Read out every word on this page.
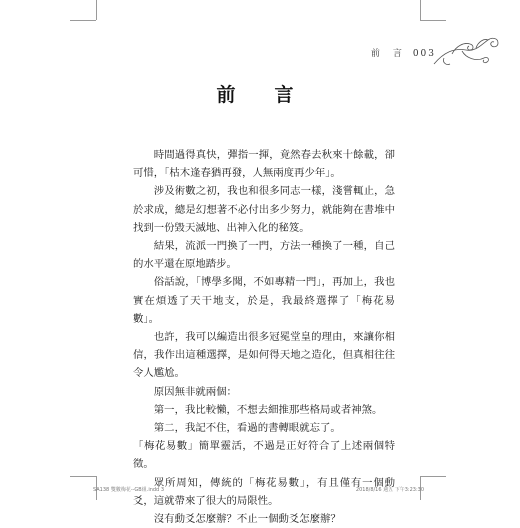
前　言 003
前　言

時間過得真快，彈指一揮，竟然春去秋來十餘載，卻可惜，「枯木逢春猶再發，人無兩度再少年」。

涉及術數之初，我也和很多同志一樣，淺嘗輒止，急於求成，總是幻想著不必付出多少努力，就能夠在書堆中找到一份毀天滅地、出神入化的秘笈。

結果，流派一門換了一門，方法一種換了一種，自己的水平還在原地踏步。

俗話說，「博學多聞，不如專精一門」，再加上，我也實在煩透了天干地支，於是，我最終選擇了「梅花易數」。

也許，我可以編造出很多冠冕堂皇的理由，來讓你相信，我作出這種選擇，是如何得天地之造化，但真相往往令人尷尬。

原因無非就兩個：

第一，我比較懶，不想去細推那些格局或者神煞。

第二，我記不住，看過的書轉眼就忘了。

「梅花易數」簡單靈活，不過是正好符合了上述兩個特徵。

眾所周知，傳統的「梅花易數」，有且僅有一個動爻，這就帶來了很大的局限性。

沒有動爻怎麼辦？不止一個動爻怎麼辦？

SA138 雙數梅花--GB組.indd 3	2018/8/16 週五 下午3:23:30
